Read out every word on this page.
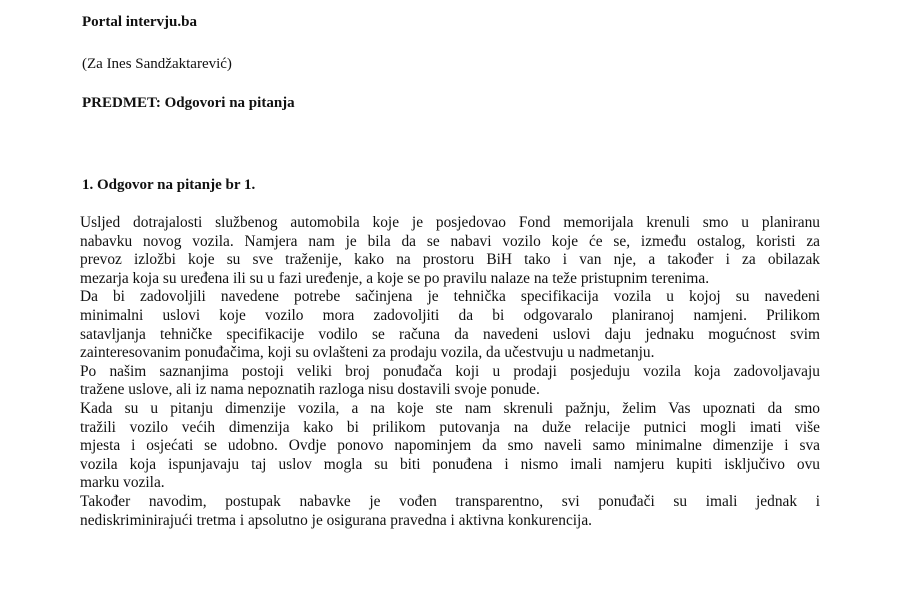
Portal intervju.ba
(Za Ines Sandžaktarević)
PREDMET: Odgovori na pitanja
1. Odgovor na pitanje br 1.

Usljed dotrajalosti službenog automobila koje je posjedovao Fond memorijala krenuli smo u planiranu

nabavku novog vozila. Namjera nam je bila da se nabavi vozilo koje će se, između ostalog, koristi za

prevoz izložbi koje su sve traženije, kako na prostoru BiH tako i van nje, a također i za obilazak

mezarja koja su uređena ili su u fazi uređenje, a koje se po pravilu nalaze na teže pristupnim terenima.

Da bi zadovoljili navedene potrebe sačinjena je tehnička specifikacija vozila u kojoj su navedeni

minimalni uslovi koje vozilo mora zadovoljiti da bi odgovaralo planiranoj namjeni. Prilikom

satavljanja tehničke specifikacije vodilo se računa da navedeni uslovi daju jednaku mogućnost svim

zainteresovanim ponuđačima, koji su ovlašteni za prodaju vozila, da učestvuju u nadmetanju.

Po našim saznanjima postoji veliki broj ponuđača koji u prodaji posjeduju vozila koja zadovoljavaju

tražene uslove, ali iz nama nepoznatih razloga nisu dostavili svoje ponude.

Kada su u pitanju dimenzije vozila, a na koje ste nam skrenuli pažnju, želim Vas upoznati da smo

tražili vozilo većih dimenzija kako bi prilikom putovanja na duže relacije putnici mogli imati više

mjesta i osjećati se udobno. Ovdje ponovo napominjem da smo naveli samo minimalne dimenzije i sva

vozila koja ispunjavaju taj uslov mogla su biti ponuđena i nismo imali namjeru kupiti isključivo ovu

marku vozila.

Također navodim, postupak nabavke je vođen transparentno, svi ponuđači su imali jednak i

nediskriminirajući tretma i apsolutno je osigurana pravedna i aktivna konkurencija.
